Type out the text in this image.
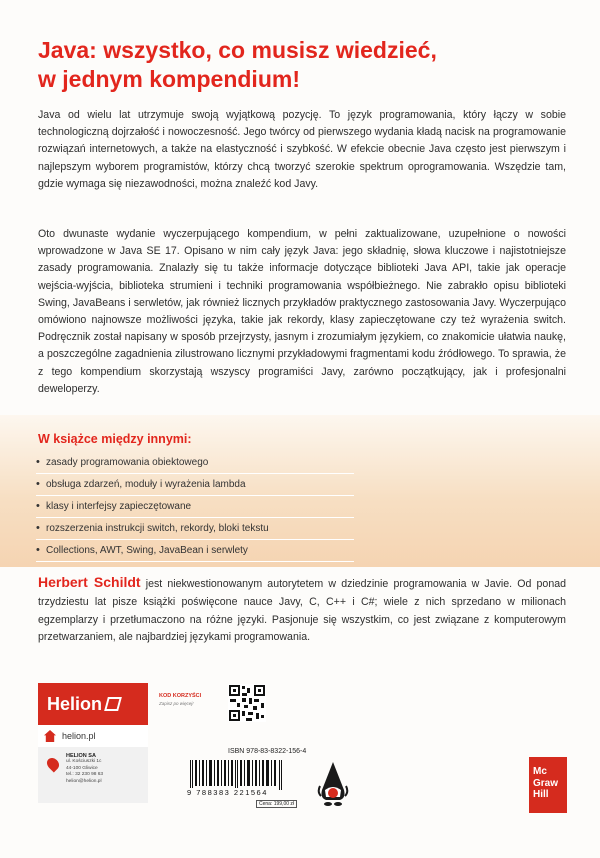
Java: wszystko, co musisz wiedzieć,
w jednym kompendium!
Java od wielu lat utrzymuje swoją wyjątkową pozycję. To język programowania, który łączy w sobie technologiczną dojrzałość i nowoczesność. Jego twórcy od pierwszego wydania kładą nacisk na programowanie rozwiązań internetowych, a także na elastyczność i szybkość. W efekcie obecnie Java często jest pierwszym i najlepszym wyborem programistów, którzy chcą tworzyć szerokie spektrum oprogramowania. Wszędzie tam, gdzie wymaga się niezawodności, można znaleźć kod Javy.
Oto dwunaste wydanie wyczerpującego kompendium, w pełni zaktualizowane, uzupełnione o nowości wprowadzone w Java SE 17. Opisano w nim cały język Java: jego składnię, słowa kluczowe i najistotniejsze zasady programowania. Znalazły się tu także informacje dotyczące biblioteki Java API, takie jak operacje wejścia-wyjścia, biblioteka strumieni i techniki programowania współbieżnego. Nie zabrakło opisu biblioteki Swing, JavaBeans i serwletów, jak również licznych przykładów praktycznego zastosowania Javy. Wyczerpująco omówiono najnowsze możliwości języka, takie jak rekordy, klasy zapieczętowane czy też wyrażenia switch. Podręcznik został napisany w sposób przejrzysty, jasnym i zrozumiałym językiem, co znakomicie ułatwia naukę, a poszczególne zagadnienia zilustrowano licznymi przykładowymi fragmentami kodu źródłowego. To sprawia, że z tego kompendium skorzystają wszyscy programiści Javy, zarówno początkujący, jak i profesjonalni deweloperzy.
W książce między innymi:
• zasady programowania obiektowego
• obsługa zdarzeń, moduły i wyrażenia lambda
• klasy i interfejsy zapieczętowane
• rozszerzenia instrukcji switch, rekordy, bloki tekstu
• Collections, AWT, Swing, JavaBean i serwlety
Herbert Schildt jest niekwestionowanym autorytetem w dziedzinie programowania w Javie. Od ponad trzydziestu lat pisze książki poświęcone nauce Javy, C, C++ i C#; wiele z nich sprzedano w milionach egzemplarzy i przetłumaczono na różne języki. Pasjonuje się wszystkim, co jest związane z komputerowym przetwarzaniem, ale najbardziej językami programowania.
Helion
helion.pl
HELION SA
ul. Kościuszki 1c
44-100 Gliwice
tel.: 32 230 98 63
helion@helion.pl
KOD KORZYŚCI
Zapisz po więcej!
ISBN 978-83-8322-156-4
9 788383 221564
Cena: 199,00 zł
Mc
Graw
Hill
